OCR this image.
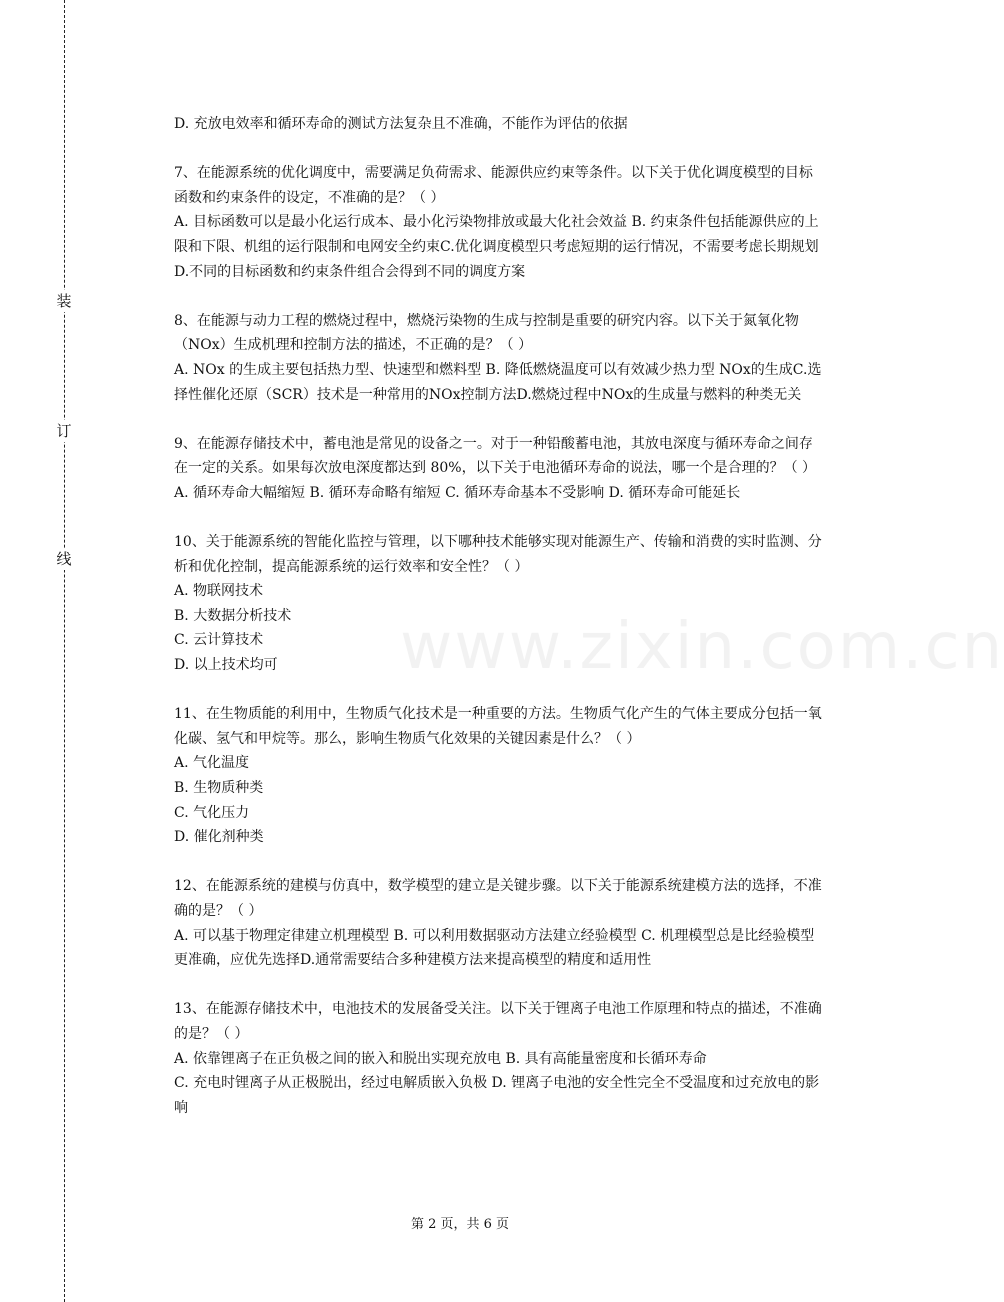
装
订
线
www.zixin.com.cn

D. 充放电效率和循环寿命的测试方法复杂且不准确，不能作为评估的依据

7、在能源系统的优化调度中，需要满足负荷需求、能源供应约束等条件。以下关于优化调度模型的目标函数和约束条件的设定，不准确的是？（ ）

A. 目标函数可以是最小化运行成本、最小化污染物排放或最大化社会效益 B. 约束条件包括能源供应的上限和下限、机组的运行限制和电网安全约束C.优化调度模型只考虑短期的运行情况，不需要考虑长期规划D.不同的目标函数和约束条件组合会得到不同的调度方案

8、在能源与动力工程的燃烧过程中，燃烧污染物的生成与控制是重要的研究内容。以下关于氮氧化物（NOx）生成机理和控制方法的描述，不正确的是？（ ）

A. NOx 的生成主要包括热力型、快速型和燃料型 B. 降低燃烧温度可以有效减少热力型 NOx的生成C.选择性催化还原（SCR）技术是一种常用的NOx控制方法D.燃烧过程中NOx的生成量与燃料的种类无关

9、在能源存储技术中，蓄电池是常见的设备之一。对于一种铅酸蓄电池，其放电深度与循环寿命之间存在一定的关系。如果每次放电深度都达到 80%，以下关于电池循环寿命的说法，哪一个是合理的？（ ）

A. 循环寿命大幅缩短 B. 循环寿命略有缩短 C. 循环寿命基本不受影响 D. 循环寿命可能延长

10、关于能源系统的智能化监控与管理，以下哪种技术能够实现对能源生产、传输和消费的实时监测、分析和优化控制，提高能源系统的运行效率和安全性？（ ）

A. 物联网技术

B. 大数据分析技术

C. 云计算技术

D. 以上技术均可

11、在生物质能的利用中，生物质气化技术是一种重要的方法。生物质气化产生的气体主要成分包括一氧化碳、氢气和甲烷等。那么，影响生物质气化效果的关键因素是什么？（ ）

A. 气化温度

B. 生物质种类

C. 气化压力

D. 催化剂种类

12、在能源系统的建模与仿真中，数学模型的建立是关键步骤。以下关于能源系统建模方法的选择，不准确的是？（ ）

A. 可以基于物理定律建立机理模型 B. 可以利用数据驱动方法建立经验模型 C. 机理模型总是比经验模型更准确，应优先选择D.通常需要结合多种建模方法来提高模型的精度和适用性

13、在能源存储技术中，电池技术的发展备受关注。以下关于锂离子电池工作原理和特点的描述，不准确的是？（ ）

A. 依靠锂离子在正负极之间的嵌入和脱出实现充放电 B. 具有高能量密度和长循环寿命

C. 充电时锂离子从正极脱出，经过电解质嵌入负极 D. 锂离子电池的安全性完全不受温度和过充放电的影响

第 2 页，共 6 页
